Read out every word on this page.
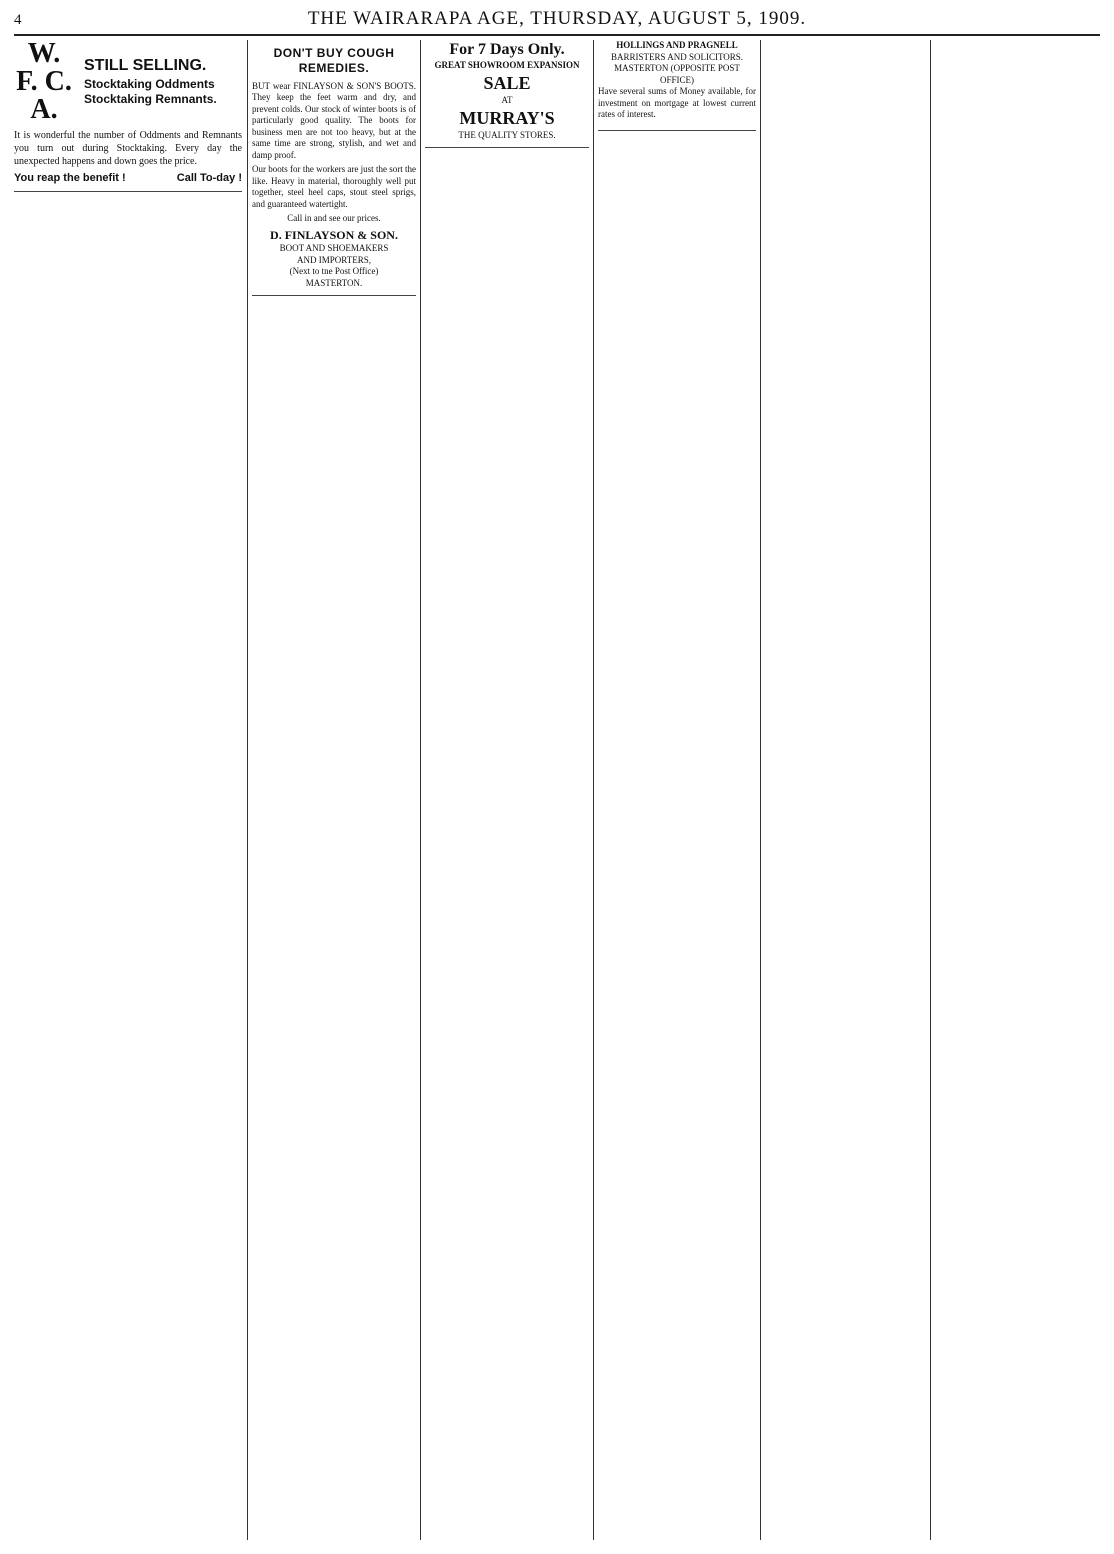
4	THE WAIRARAPA AGE, THURSDAY, AUGUST 5, 1909.
W.
F. C.
A.
STILL SELLING.
Stocktaking Oddments
Stocktaking Remnants.

It is wonderful the number of Oddments and Remnants you turn out during Stocktaking. Every day the unexpected happens and down goes the price.

You reap the benefit !	Call To-day !
DON'T BUY COUGH REMEDIES.

BUT wear FINLAYSON & SON'S BOOTS. They keep the feet warm and dry, and prevent colds. Our stock of winter boots is of particularly good quality. The boots for business men are not too heavy, but at the same time are strong, stylish, and wet and damp proof.

Our boots for the workers are just the sort the like. Heavy in material, thoroughly well put together, steel heel caps, stout steel sprigs, and guaranteed watertight.

Call in and see our prices.

D. FINLAYSON & SON.
BOOT AND SHOEMAKERS
AND IMPORTERS,
(Next to tne Post Office)
MASTERTON.
For 7 Days Only.
GREAT SHOWROOM EXPANSION
SALE
AT
MURRAY'S
THE QUALITY STORES.
HOLLINGS AND PRAGNELL
BARRISTERS AND SOLICITORS.
MASTERTON (OPPOSITE POST OFFICE)

Have several sums of Money available, for investment on mortgage at lowest current rates of interest.
